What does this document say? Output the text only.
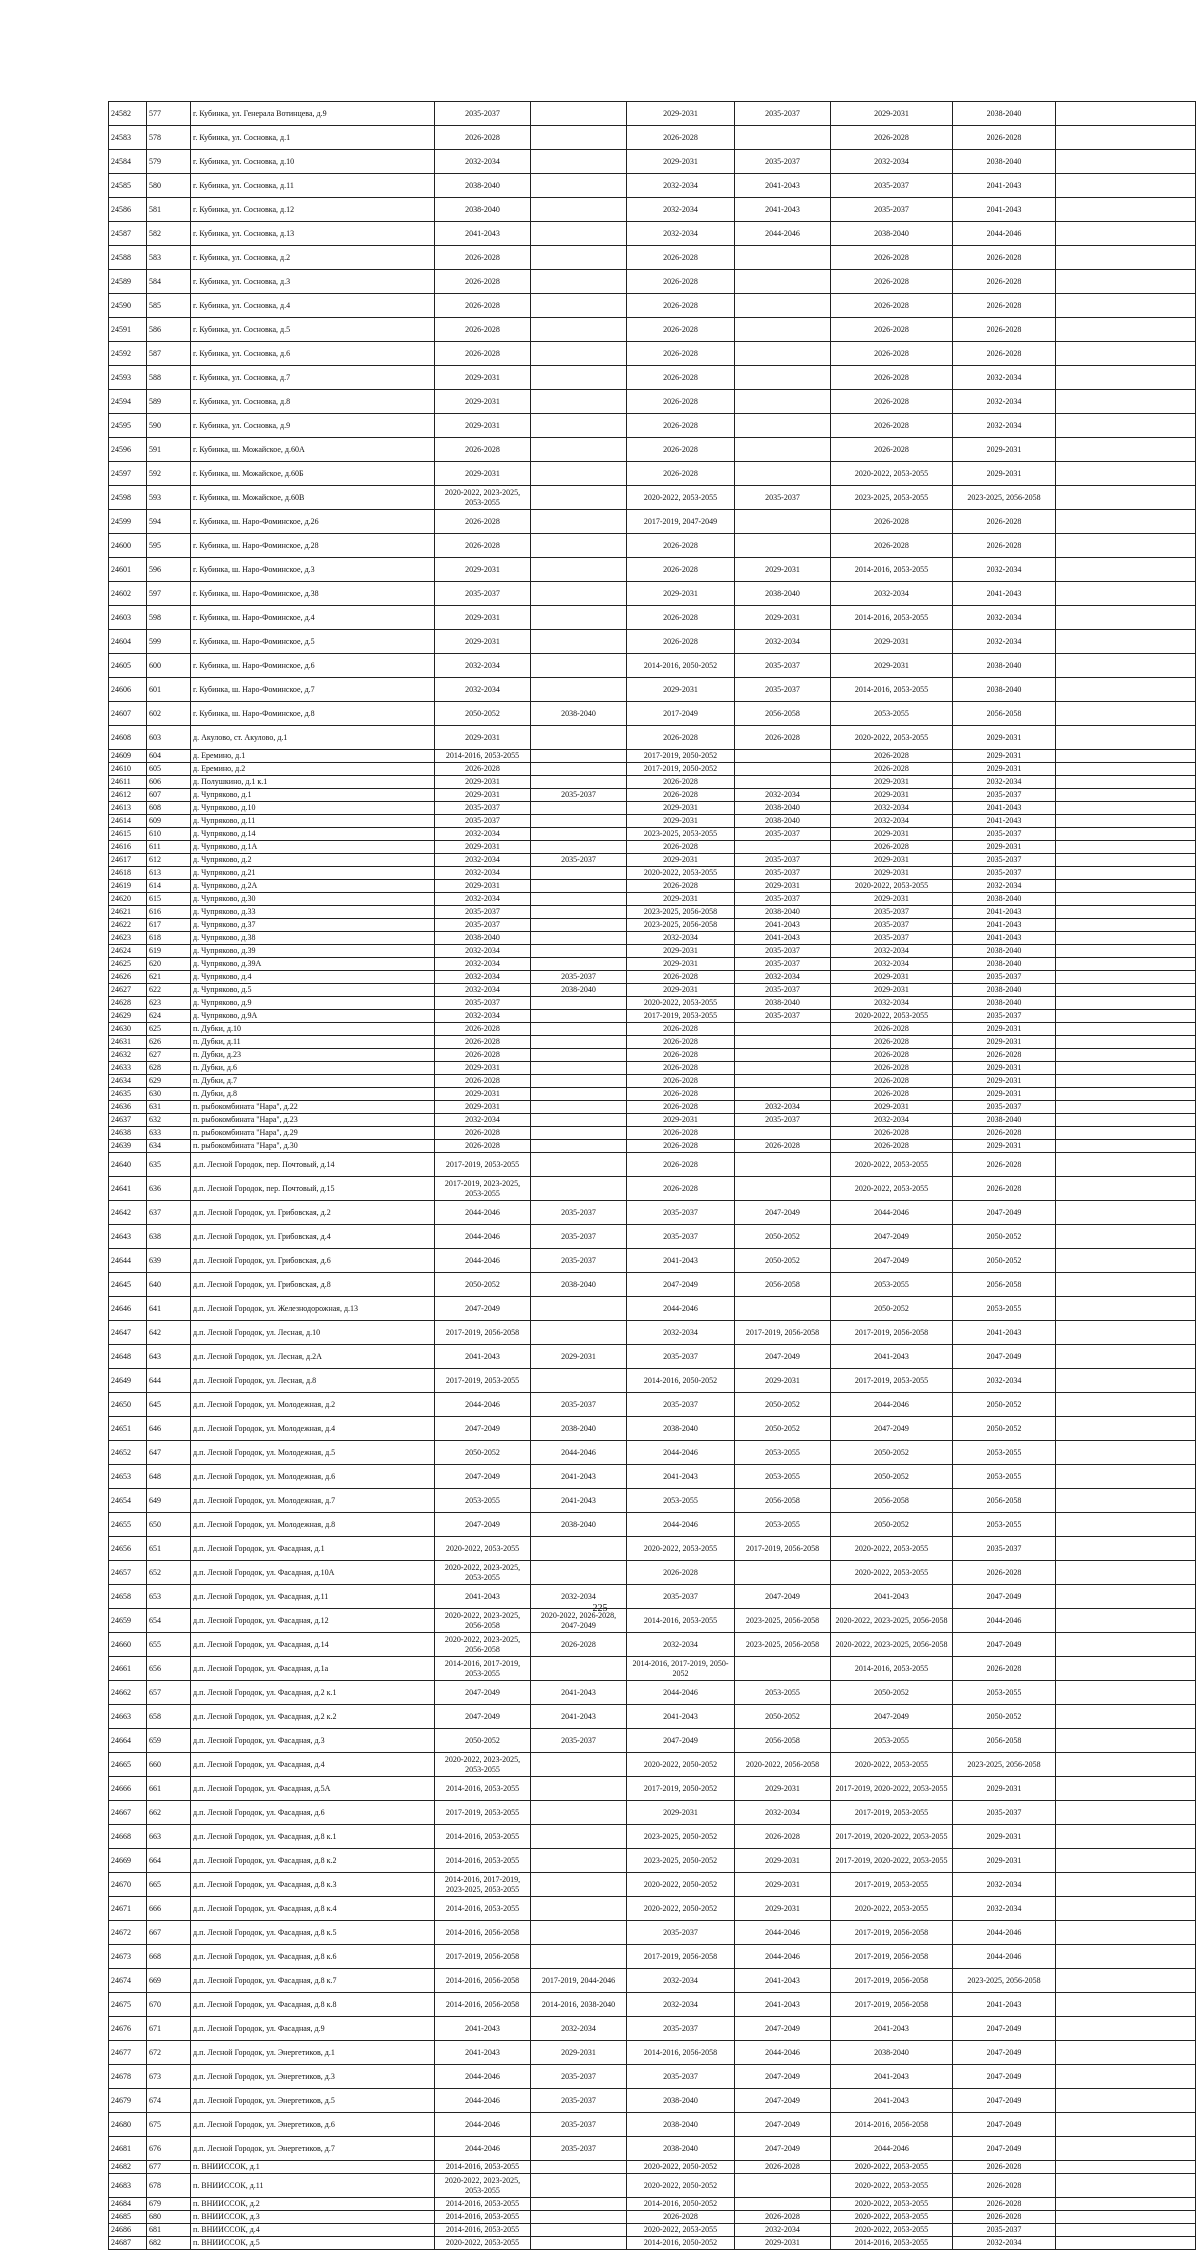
24582	577	г. Кубинка, ул. Генерала Вотинцева, д.9	2035-2037		2029-2031	2035-2037	2029-2031	2038-2040	
24583	578	г. Кубинка, ул. Сосновка, д.1	2026-2028		2026-2028		2026-2028	2026-2028	
24584	579	г. Кубинка, ул. Сосновка, д.10	2032-2034		2029-2031	2035-2037	2032-2034	2038-2040	
24585	580	г. Кубинка, ул. Сосновка, д.11	2038-2040		2032-2034	2041-2043	2035-2037	2041-2043	
24586	581	г. Кубинка, ул. Сосновка, д.12	2038-2040		2032-2034	2041-2043	2035-2037	2041-2043	
24587	582	г. Кубинка, ул. Сосновка, д.13	2041-2043		2032-2034	2044-2046	2038-2040	2044-2046	
24588	583	г. Кубинка, ул. Сосновка, д.2	2026-2028		2026-2028		2026-2028	2026-2028	
24589	584	г. Кубинка, ул. Сосновка, д.3	2026-2028		2026-2028		2026-2028	2026-2028	
24590	585	г. Кубинка, ул. Сосновка, д.4	2026-2028		2026-2028		2026-2028	2026-2028	
24591	586	г. Кубинка, ул. Сосновка, д.5	2026-2028		2026-2028		2026-2028	2026-2028	
24592	587	г. Кубинка, ул. Сосновка, д.6	2026-2028		2026-2028		2026-2028	2026-2028	
24593	588	г. Кубинка, ул. Сосновка, д.7	2029-2031		2026-2028		2026-2028	2032-2034	
24594	589	г. Кубинка, ул. Сосновка, д.8	2029-2031		2026-2028		2026-2028	2032-2034	
24595	590	г. Кубинка, ул. Сосновка, д.9	2029-2031		2026-2028		2026-2028	2032-2034	
24596	591	г. Кубинка, ш. Можайское, д.60А	2026-2028		2026-2028		2026-2028	2029-2031	
24597	592	г. Кубинка, ш. Можайское, д.60Б	2029-2031		2026-2028		2020-2022, 2053-2055	2029-2031	
24598	593	г. Кубинка, ш. Можайское, д.60В	2020-2022, 2023-2025, 2053-2055		2020-2022, 2053-2055	2035-2037	2023-2025, 2053-2055	2023-2025, 2056-2058	
24599	594	г. Кубинка, ш. Наро-Фоминское, д.26	2026-2028		2017-2019, 2047-2049		2026-2028	2026-2028	
24600	595	г. Кубинка, ш. Наро-Фоминское, д.28	2026-2028		2026-2028		2026-2028	2026-2028	
24601	596	г. Кубинка, ш. Наро-Фоминское, д.3	2029-2031		2026-2028	2029-2031	2014-2016, 2053-2055	2032-2034	
24602	597	г. Кубинка, ш. Наро-Фоминское, д.38	2035-2037		2029-2031	2038-2040	2032-2034	2041-2043	
24603	598	г. Кубинка, ш. Наро-Фоминское, д.4	2029-2031		2026-2028	2029-2031	2014-2016, 2053-2055	2032-2034	
24604	599	г. Кубинка, ш. Наро-Фоминское, д.5	2029-2031		2026-2028	2032-2034	2029-2031	2032-2034	
24605	600	г. Кубинка, ш. Наро-Фоминское, д.6	2032-2034		2014-2016, 2050-2052	2035-2037	2029-2031	2038-2040	
24606	601	г. Кубинка, ш. Наро-Фоминское, д.7	2032-2034		2029-2031	2035-2037	2014-2016, 2053-2055	2038-2040	
24607	602	г. Кубинка, ш. Наро-Фоминское, д.8	2050-2052	2038-2040	2017-2049	2056-2058	2053-2055	2056-2058	
24608	603	д. Акулово, ст. Акулово, д.1	2029-2031		2026-2028	2026-2028	2020-2022, 2053-2055	2029-2031	
24609	604	д. Еремино, д.1	2014-2016, 2053-2055		2017-2019, 2050-2052		2026-2028	2029-2031	
24610	605	д. Еремино, д.2	2026-2028		2017-2019, 2050-2052		2026-2028	2029-2031	
24611	606	д. Полушкино, д.1 к.1	2029-2031		2026-2028		2029-2031	2032-2034	
24612	607	д. Чупряково, д.1	2029-2031	2035-2037	2026-2028	2032-2034	2029-2031	2035-2037	
24613	608	д. Чупряково, д.10	2035-2037		2029-2031	2038-2040	2032-2034	2041-2043	
24614	609	д. Чупряково, д.11	2035-2037		2029-2031	2038-2040	2032-2034	2041-2043	
24615	610	д. Чупряково, д.14	2032-2034		2023-2025, 2053-2055	2035-2037	2029-2031	2035-2037	
24616	611	д. Чупряково, д.1А	2029-2031		2026-2028		2026-2028	2029-2031	
24617	612	д. Чупряково, д.2	2032-2034	2035-2037	2029-2031	2035-2037	2029-2031	2035-2037	
24618	613	д. Чупряково, д.21	2032-2034		2020-2022, 2053-2055	2035-2037	2029-2031	2035-2037	
24619	614	д. Чупряково, д.2А	2029-2031		2026-2028	2029-2031	2020-2022, 2053-2055	2032-2034	
24620	615	д. Чупряково, д.30	2032-2034		2029-2031	2035-2037	2029-2031	2038-2040	
24621	616	д. Чупряково, д.33	2035-2037		2023-2025, 2056-2058	2038-2040	2035-2037	2041-2043	
24622	617	д. Чупряково, д.37	2035-2037		2023-2025, 2056-2058	2041-2043	2035-2037	2041-2043	
24623	618	д. Чупряково, д.38	2038-2040		2032-2034	2041-2043	2035-2037	2041-2043	
24624	619	д. Чупряково, д.39	2032-2034		2029-2031	2035-2037	2032-2034	2038-2040	
24625	620	д. Чупряково, д.39А	2032-2034		2029-2031	2035-2037	2032-2034	2038-2040	
24626	621	д. Чупряково, д.4	2032-2034	2035-2037	2026-2028	2032-2034	2029-2031	2035-2037	
24627	622	д. Чупряково, д.5	2032-2034	2038-2040	2029-2031	2035-2037	2029-2031	2038-2040	
24628	623	д. Чупряково, д.9	2035-2037		2020-2022, 2053-2055	2038-2040	2032-2034	2038-2040	
24629	624	д. Чупряково, д.9А	2032-2034		2017-2019, 2053-2055	2035-2037	2020-2022, 2053-2055	2035-2037	
24630	625	п. Дубки, д.10	2026-2028		2026-2028		2026-2028	2029-2031	
24631	626	п. Дубки, д.11	2026-2028		2026-2028		2026-2028	2029-2031	
24632	627	п. Дубки, д.23	2026-2028		2026-2028		2026-2028	2026-2028	
24633	628	п. Дубки, д.6	2029-2031		2026-2028		2026-2028	2029-2031	
24634	629	п. Дубки, д.7	2026-2028		2026-2028		2026-2028	2029-2031	
24635	630	п. Дубки, д.8	2029-2031		2026-2028		2026-2028	2029-2031	
24636	631	п. рыбокомбината "Нара", д.22	2029-2031		2026-2028	2032-2034	2029-2031	2035-2037	
24637	632	п. рыбокомбината "Нара", д.23	2032-2034		2029-2031	2035-2037	2032-2034	2038-2040	
24638	633	п. рыбокомбината "Нара", д.29	2026-2028		2026-2028		2026-2028	2026-2028	
24639	634	п. рыбокомбината "Нара", д.30	2026-2028		2026-2028	2026-2028	2026-2028	2029-2031	
24640	635	д.п. Лесной Городок, пер. Почтовый, д.14	2017-2019, 2053-2055		2026-2028		2020-2022, 2053-2055	2026-2028	
24641	636	д.п. Лесной Городок, пер. Почтовый, д.15	2017-2019, 2023-2025, 2053-2055		2026-2028		2020-2022, 2053-2055	2026-2028	
24642	637	д.п. Лесной Городок, ул. Грибовская, д.2	2044-2046	2035-2037	2035-2037	2047-2049	2044-2046	2047-2049	
24643	638	д.п. Лесной Городок, ул. Грибовская, д.4	2044-2046	2035-2037	2035-2037	2050-2052	2047-2049	2050-2052	
24644	639	д.п. Лесной Городок, ул. Грибовская, д.6	2044-2046	2035-2037	2041-2043	2050-2052	2047-2049	2050-2052	
24645	640	д.п. Лесной Городок, ул. Грибовская, д.8	2050-2052	2038-2040	2047-2049	2056-2058	2053-2055	2056-2058	
24646	641	д.п. Лесной Городок, ул. Железнодорожная, д.13	2047-2049		2044-2046		2050-2052	2053-2055	
24647	642	д.п. Лесной Городок, ул. Лесная, д.10	2017-2019, 2056-2058		2032-2034	2017-2019, 2056-2058	2017-2019, 2056-2058	2041-2043	
24648	643	д.п. Лесной Городок, ул. Лесная, д.2А	2041-2043	2029-2031	2035-2037	2047-2049	2041-2043	2047-2049	
24649	644	д.п. Лесной Городок, ул. Лесная, д.8	2017-2019, 2053-2055		2014-2016, 2050-2052	2029-2031	2017-2019, 2053-2055	2032-2034	
24650	645	д.п. Лесной Городок, ул. Молодежная, д.2	2044-2046	2035-2037	2035-2037	2050-2052	2044-2046	2050-2052	
24651	646	д.п. Лесной Городок, ул. Молодежная, д.4	2047-2049	2038-2040	2038-2040	2050-2052	2047-2049	2050-2052	
24652	647	д.п. Лесной Городок, ул. Молодежная, д.5	2050-2052	2044-2046	2044-2046	2053-2055	2050-2052	2053-2055	
24653	648	д.п. Лесной Городок, ул. Молодежная, д.6	2047-2049	2041-2043	2041-2043	2053-2055	2050-2052	2053-2055	
24654	649	д.п. Лесной Городок, ул. Молодежная, д.7	2053-2055	2041-2043	2053-2055	2056-2058	2056-2058	2056-2058	
24655	650	д.п. Лесной Городок, ул. Молодежная, д.8	2047-2049	2038-2040	2044-2046	2053-2055	2050-2052	2053-2055	
24656	651	д.п. Лесной Городок, ул. Фасадная, д.1	2020-2022, 2053-2055		2020-2022, 2053-2055	2017-2019, 2056-2058	2020-2022, 2053-2055	2035-2037	
24657	652	д.п. Лесной Городок, ул. Фасадная, д.10А	2020-2022, 2023-2025, 2053-2055		2026-2028		2020-2022, 2053-2055	2026-2028	
24658	653	д.п. Лесной Городок, ул. Фасадная, д.11	2041-2043	2032-2034	2035-2037	2047-2049	2041-2043	2047-2049	
24659	654	д.п. Лесной Городок, ул. Фасадная, д.12	2020-2022, 2023-2025, 2056-2058	2020-2022, 2026-2028, 2047-2049	2014-2016, 2053-2055	2023-2025, 2056-2058	2020-2022, 2023-2025, 2056-2058	2044-2046	
24660	655	д.п. Лесной Городок, ул. Фасадная, д.14	2020-2022, 2023-2025, 2056-2058	2026-2028	2032-2034	2023-2025, 2056-2058	2020-2022, 2023-2025, 2056-2058	2047-2049	
24661	656	д.п. Лесной Городок, ул. Фасадная, д.1а	2014-2016, 2017-2019, 2053-2055		2014-2016, 2017-2019, 2050-2052		2014-2016, 2053-2055	2026-2028	
24662	657	д.п. Лесной Городок, ул. Фасадная, д.2 к.1	2047-2049	2041-2043	2044-2046	2053-2055	2050-2052	2053-2055	
24663	658	д.п. Лесной Городок, ул. Фасадная, д.2 к.2	2047-2049	2041-2043	2041-2043	2050-2052	2047-2049	2050-2052	
24664	659	д.п. Лесной Городок, ул. Фасадная, д.3	2050-2052	2035-2037	2047-2049	2056-2058	2053-2055	2056-2058	
24665	660	д.п. Лесной Городок, ул. Фасадная, д.4	2020-2022, 2023-2025, 2053-2055		2020-2022, 2050-2052	2020-2022, 2056-2058	2020-2022, 2053-2055	2023-2025, 2056-2058	
24666	661	д.п. Лесной Городок, ул. Фасадная, д.5А	2014-2016, 2053-2055		2017-2019, 2050-2052	2029-2031	2017-2019, 2020-2022, 2053-2055	2029-2031	
24667	662	д.п. Лесной Городок, ул. Фасадная, д.6	2017-2019, 2053-2055		2029-2031	2032-2034	2017-2019, 2053-2055	2035-2037	
24668	663	д.п. Лесной Городок, ул. Фасадная, д.8 к.1	2014-2016, 2053-2055		2023-2025, 2050-2052	2026-2028	2017-2019, 2020-2022, 2053-2055	2029-2031	
24669	664	д.п. Лесной Городок, ул. Фасадная, д.8 к.2	2014-2016, 2053-2055		2023-2025, 2050-2052	2029-2031	2017-2019, 2020-2022, 2053-2055	2029-2031	
24670	665	д.п. Лесной Городок, ул. Фасадная, д.8 к.3	2014-2016, 2017-2019, 2023-2025, 2053-2055		2020-2022, 2050-2052	2029-2031	2017-2019, 2053-2055	2032-2034	
24671	666	д.п. Лесной Городок, ул. Фасадная, д.8 к.4	2014-2016, 2053-2055		2020-2022, 2050-2052	2029-2031	2020-2022, 2053-2055	2032-2034	
24672	667	д.п. Лесной Городок, ул. Фасадная, д.8 к.5	2014-2016, 2056-2058		2035-2037	2044-2046	2017-2019, 2056-2058	2044-2046	
24673	668	д.п. Лесной Городок, ул. Фасадная, д.8 к.6	2017-2019, 2056-2058		2017-2019, 2056-2058	2044-2046	2017-2019, 2056-2058	2044-2046	
24674	669	д.п. Лесной Городок, ул. Фасадная, д.8 к.7	2014-2016, 2056-2058	2017-2019, 2044-2046	2032-2034	2041-2043	2017-2019, 2056-2058	2023-2025, 2056-2058	
24675	670	д.п. Лесной Городок, ул. Фасадная, д.8 к.8	2014-2016, 2056-2058	2014-2016, 2038-2040	2032-2034	2041-2043	2017-2019, 2056-2058	2041-2043	
24676	671	д.п. Лесной Городок, ул. Фасадная, д.9	2041-2043	2032-2034	2035-2037	2047-2049	2041-2043	2047-2049	
24677	672	д.п. Лесной Городок, ул. Энергетиков, д.1	2041-2043	2029-2031	2014-2016, 2056-2058	2044-2046	2038-2040	2047-2049	
24678	673	д.п. Лесной Городок, ул. Энергетиков, д.3	2044-2046	2035-2037	2035-2037	2047-2049	2041-2043	2047-2049	
24679	674	д.п. Лесной Городок, ул. Энергетиков, д.5	2044-2046	2035-2037	2038-2040	2047-2049	2041-2043	2047-2049	
24680	675	д.п. Лесной Городок, ул. Энергетиков, д.6	2044-2046	2035-2037	2038-2040	2047-2049	2014-2016, 2056-2058	2047-2049	
24681	676	д.п. Лесной Городок, ул. Энергетиков, д.7	2044-2046	2035-2037	2038-2040	2047-2049	2044-2046	2047-2049	
24682	677	п. ВНИИССОК, д.1	2014-2016, 2053-2055		2020-2022, 2050-2052	2026-2028	2020-2022, 2053-2055	2026-2028	
24683	678	п. ВНИИССОК, д.11	2020-2022, 2023-2025, 2053-2055		2020-2022, 2050-2052		2020-2022, 2053-2055	2026-2028	
24684	679	п. ВНИИССОК, д.2	2014-2016, 2053-2055		2014-2016, 2050-2052		2020-2022, 2053-2055	2026-2028	
24685	680	п. ВНИИССОК, д.3	2014-2016, 2053-2055		2026-2028	2026-2028	2020-2022, 2053-2055	2026-2028	
24686	681	п. ВНИИССОК, д.4	2014-2016, 2053-2055		2020-2022, 2053-2055	2032-2034	2020-2022, 2053-2055	2035-2037	
24687	682	п. ВНИИССОК, д.5	2020-2022, 2053-2055		2014-2016, 2050-2052	2029-2031	2014-2016, 2053-2055	2032-2034	
225
